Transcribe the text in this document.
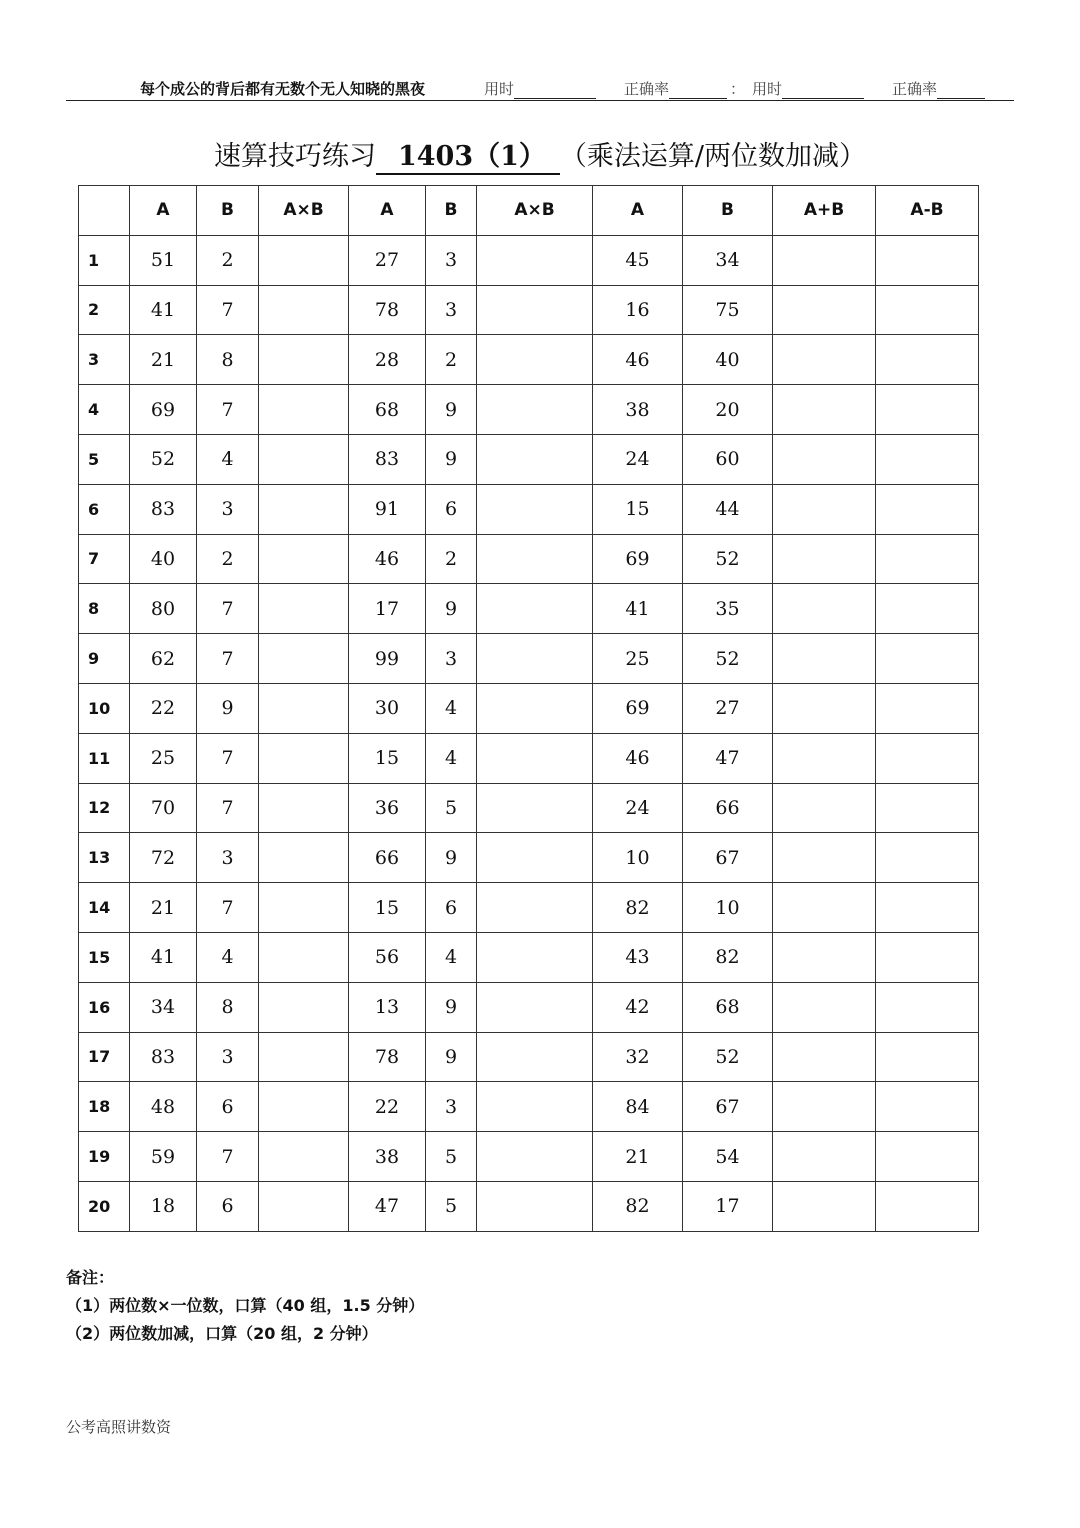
每个成公的背后都有无数个无人知晓的黑夜	用时	正确率	： 用时	正确率
速算技巧练习 1403（1） （乘法运算/两位数加减）
	A	B	A×B	A	B	A×B	A	B	A+B	A-B
1	51	2		27	3		45	34		
2	41	7		78	3		16	75		
3	21	8		28	2		46	40		
4	69	7		68	9		38	20		
5	52	4		83	9		24	60		
6	83	3		91	6		15	44		
7	40	2		46	2		69	52		
8	80	7		17	9		41	35		
9	62	7		99	3		25	52		
10	22	9		30	4		69	27		
11	25	7		15	4		46	47		
12	70	7		36	5		24	66		
13	72	3		66	9		10	67		
14	21	7		15	6		82	10		
15	41	4		56	4		43	82		
16	34	8		13	9		42	68		
17	83	3		78	9		32	52		
18	48	6		22	3		84	67		
19	59	7		38	5		21	54		
20	18	6		47	5		82	17		
备注：
（1）两位数×一位数，口算（40 组，1.5 分钟）
（2）两位数加减，口算（20 组，2 分钟）
公考高照讲数资
